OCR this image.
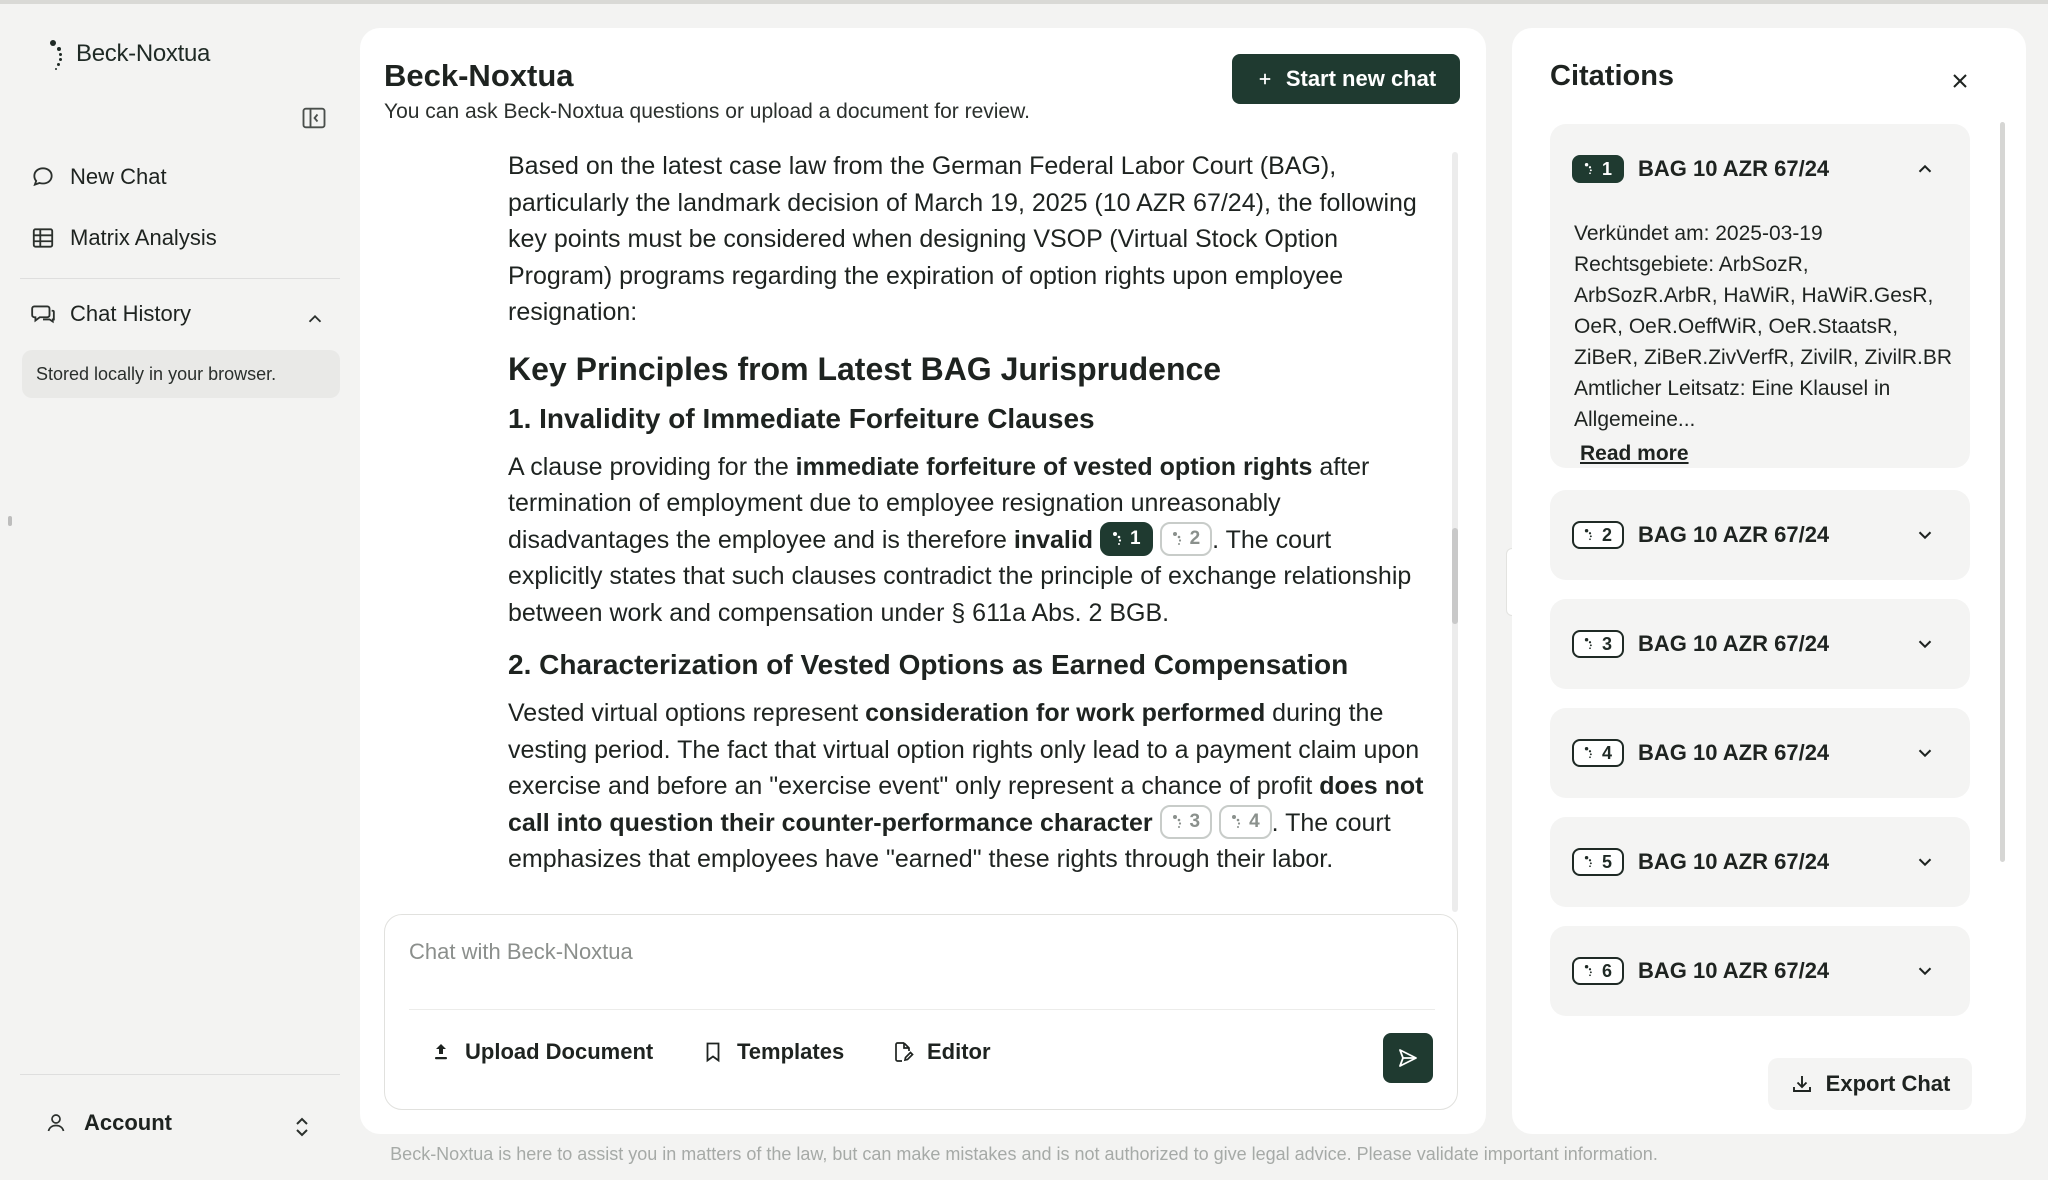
Beck-Noxtua
New Chat
Matrix Analysis
Chat History
Stored locally in your browser.
Account
Beck-Noxtua
You can ask Beck-Noxtua questions or upload a document for review.
Start new chat

Based on the latest case law from the German Federal Labor Court (BAG), particularly the landmark decision of March 19, 2025 (10 AZR 67/24), the following key points must be considered when designing VSOP (Virtual Stock Option Program) programs regarding the expiration of option rights upon employee resignation:

Key Principles from Latest BAG Jurisprudence
1. Invalidity of Immediate Forfeiture Clauses

A clause providing for the immediate forfeiture of vested option rights after termination of employment due to employee resignation unreasonably disadvantages the employee and is therefore invalid 1
	2 . The court explicitly states that such clauses contradict the principle of exchange relationship between work and compensation under § 611a Abs. 2 BGB.

2. Characterization of Vested Options as Earned Compensation

Vested virtual options represent consideration for work performed during the vesting period. The fact that virtual option rights only lead to a payment claim upon exercise and before an "exercise event" only represent a chance of profit does not call into question their counter-performance character 3
	4 . The court emphasizes that employees have "earned" these rights through their labor.

Chat with Beck-Noxtua
Upload Document	Templates	Editor
Citations
1 BAG 10 AZR 67/24
Verkündet am: 2025-03-19
Rechtsgebiete: ArbSozR, ArbSozR.ArbR, HaWiR, HaWiR.GesR, OeR, OeR.OeffWiR, OeR.StaatsR, ZiBeR, ZiBeR.ZivVerfR, ZivilR, ZivilR.BR
Amtlicher Leitsatz: Eine Klausel in Allgemeine...
Read more
2 BAG 10 AZR 67/24
3 BAG 10 AZR 67/24
4 BAG 10 AZR 67/24
5 BAG 10 AZR 67/24
6 BAG 10 AZR 67/24
Export Chat
Beck-Noxtua is here to assist you in matters of the law, but can make mistakes and is not authorized to give legal advice. Please validate important information.
